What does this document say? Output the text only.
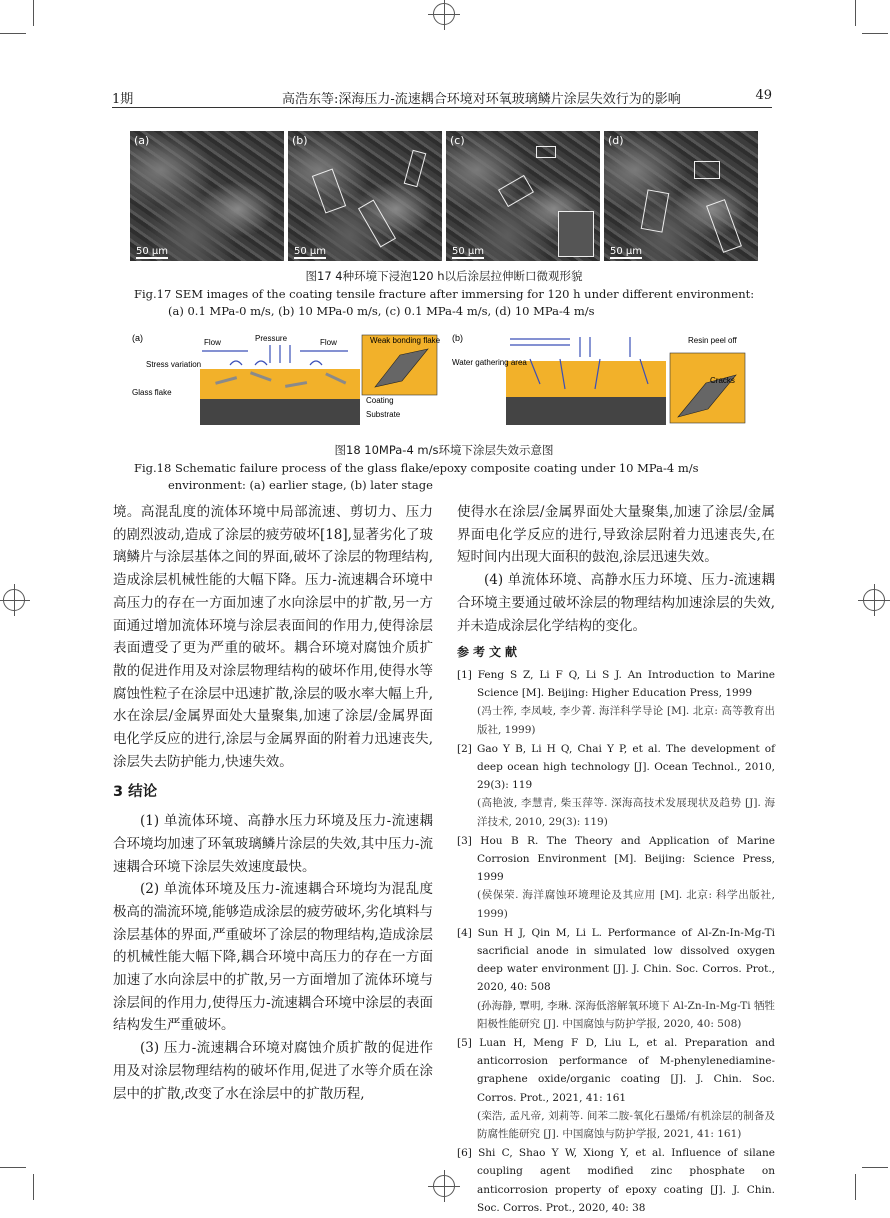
1期	高浩东等:深海压力-流速耦合环境对环氧玻璃鳞片涂层失效行为的影响	49
(a)
50 μm
(b)
50 μm
(c)
50 μm
(d)
50 μm
图17 4种环境下浸泡120 h以后涂层拉伸断口微观形貌
Fig.17 SEM images of the coating tensile fracture after immersing for 120 h under different environment: (a) 0.1 MPa-0 m/s, (b) 10 MPa-0 m/s, (c) 0.1 MPa-4 m/s, (d) 10 MPa-4 m/s
(a)	Flow	Pressure	Flow	Weak bonding flake
Stress variation
Glass flake
Coating
Substrate
(b)
Water gathering area
Resin peel off
Cracks
图18 10MPa-4 m/s环境下涂层失效示意图
Fig.18 Schematic failure process of the glass flake/epoxy composite coating under 10 MPa-4 m/s environment: (a) earlier stage, (b) later stage

境。高混乱度的流体环境中局部流速、剪切力、压力的剧烈波动,造成了涂层的疲劳破坏[18],显著劣化了玻璃鳞片与涂层基体之间的界面,破坏了涂层的物理结构,造成涂层机械性能的大幅下降。压力-流速耦合环境中高压力的存在一方面加速了水向涂层中的扩散,另一方面通过增加流体环境与涂层表面间的作用力,使得涂层表面遭受了更为严重的破坏。耦合环境对腐蚀介质扩散的促进作用及对涂层物理结构的破坏作用,使得水等腐蚀性粒子在涂层中迅速扩散,涂层的吸水率大幅上升,水在涂层/金属界面处大量聚集,加速了涂层/金属界面电化学反应的进行,涂层与金属界面的附着力迅速丧失,涂层失去防护能力,快速失效。

3 结论

(1) 单流体环境、高静水压力环境及压力-流速耦合环境均加速了环氧玻璃鳞片涂层的失效,其中压力-流速耦合环境下涂层失效速度最快。

(2) 单流体环境及压力-流速耦合环境均为混乱度极高的湍流环境,能够造成涂层的疲劳破坏,劣化填料与涂层基体的界面,严重破坏了涂层的物理结构,造成涂层的机械性能大幅下降,耦合环境中高压力的存在一方面加速了水向涂层中的扩散,另一方面增加了流体环境与涂层间的作用力,使得压力-流速耦合环境中涂层的表面结构发生严重破坏。

(3) 压力-流速耦合环境对腐蚀介质扩散的促进作用及对涂层物理结构的破坏作用,促进了水等介质在涂层中的扩散,改变了水在涂层中的扩散历程,

使得水在涂层/金属界面处大量聚集,加速了涂层/金属界面电化学反应的进行,导致涂层附着力迅速丧失,在短时间内出现大面积的鼓泡,涂层迅速失效。

(4) 单流体环境、高静水压力环境、压力-流速耦合环境主要通过破坏涂层的物理结构加速涂层的失效,并未造成涂层化学结构的变化。

参考文献
[1] Feng S Z, Li F Q, Li S J. An Introduction to Marine Science [M]. Beijing: Higher Education Press, 1999
(冯士筰, 李凤岐, 李少菁. 海洋科学导论 [M]. 北京: 高等教育出版社, 1999)
[2] Gao Y B, Li H Q, Chai Y P, et al. The development of deep ocean high technology [J]. Ocean Technol., 2010, 29(3): 119
(高艳波, 李慧青, 柴玉萍等. 深海高技术发展现状及趋势 [J]. 海洋技术, 2010, 29(3): 119)
[3] Hou B R. The Theory and Application of Marine Corrosion Environment [M]. Beijing: Science Press, 1999
(侯保荣. 海洋腐蚀环境理论及其应用 [M]. 北京: 科学出版社, 1999)
[4] Sun H J, Qin M, Li L. Performance of Al-Zn-In-Mg-Ti sacrificial anode in simulated low dissolved oxygen deep water environment [J]. J. Chin. Soc. Corros. Prot., 2020, 40: 508
(孙海静, 覃明, 李琳. 深海低溶解氧环境下 Al-Zn-In-Mg-Ti 牺牲阳极性能研究 [J]. 中国腐蚀与防护学报, 2020, 40: 508)
[5] Luan H, Meng F D, Liu L, et al. Preparation and anticorrosion performance of M-phenylenediamine-graphene oxide/organic coating [J]. J. Chin. Soc. Corros. Prot., 2021, 41: 161
(栾浩, 孟凡帝, 刘莉等. 间苯二胺-氧化石墨烯/有机涂层的制备及防腐性能研究 [J]. 中国腐蚀与防护学报, 2021, 41: 161)
[6] Shi C, Shao Y W, Xiong Y, et al. Influence of silane coupling agent modified zinc phosphate on anticorrosion property of epoxy coating [J]. J. Chin. Soc. Corros. Prot., 2020, 40: 38
